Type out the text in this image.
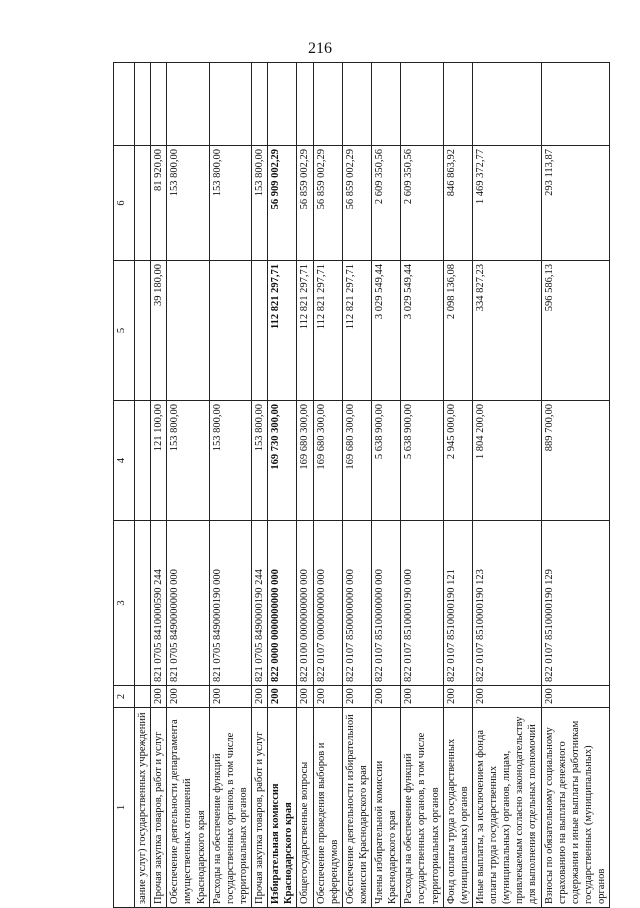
216
1	2	3	4	5	6	
зание услуг) государственных учреждений						
Прочая закупка товаров, работ и услуг	200	821 0705 8410000590 244	121 100,00	39 180,00	81 920,00	
Обеспечение деятельности департамента имущественных отношений Краснодарского края	200	821 0705 8490000000 000	153 800,00		153 800,00	
Расходы на обеспечение функций государственных органов, в том числе территориальных органов	200	821 0705 8490000190 000	153 800,00		153 800,00	
Прочая закупка товаров, работ и услуг	200	821 0705 8490000190 244	153 800,00		153 800,00	
Избирательная комиссия Краснодарского края	200	822 0000 0000000000 000	169 730 300,00	112 821 297,71	56 909 002,29	
Общегосударственные вопросы	200	822 0100 0000000000 000	169 680 300,00	112 821 297,71	56 859 002,29	
Обеспечение проведения выборов и референдумов	200	822 0107 0000000000 000	169 680 300,00	112 821 297,71	56 859 002,29	
Обеспечение деятельности избирательной комиссии Краснодарского края	200	822 0107 8500000000 000	169 680 300,00	112 821 297,71	56 859 002,29	
Члены избирательной комиссии Краснодарского края	200	822 0107 8510000000 000	5 638 900,00	3 029 549,44	2 609 350,56	
Расходы на обеспечение функций государственных органов, в том числе территориальных органов	200	822 0107 8510000190 000	5 638 900,00	3 029 549,44	2 609 350,56	
Фонд оплаты труда государственных (муниципальных) органов	200	822 0107 8510000190 121	2 945 000,00	2 098 136,08	846 863,92	
Иные выплаты, за исключением фонда оплаты труда государственных (муниципальных) органов, лицам, привлекаемым согласно законодательству для выполнения отдельных полномочий	200	822 0107 8510000190 123	1 804 200,00	334 827,23	1 469 372,77	
Взносы по обязательному социальному страхованию на выплаты денежного содержания и иные выплаты работникам государственных (муниципальных) органов	200	822 0107 8510000190 129	889 700,00	596 586,13	293 113,87	
